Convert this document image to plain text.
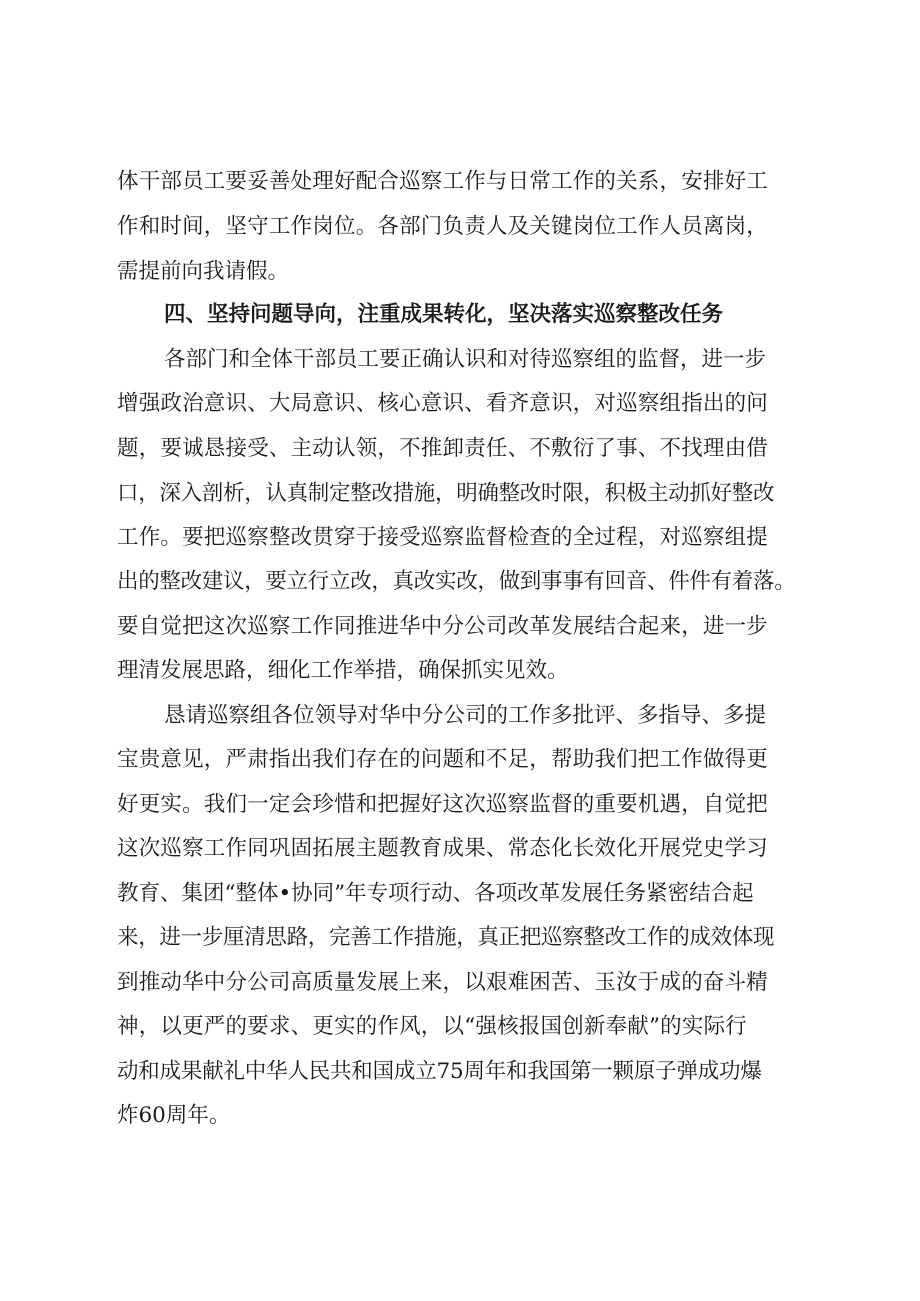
体干部员工要妥善处理好配合巡察工作与日常工作的关系，安排好工
作和时间，坚守工作岗位。各部门负责人及关键岗位工作人员离岗，
需提前向我请假。
四、坚持问题导向，注重成果转化，坚决落实巡察整改任务
各部门和全体干部员工要正确认识和对待巡察组的监督，进一步
增强政治意识、大局意识、核心意识、看齐意识，对巡察组指出的问
题，要诚恳接受、主动认领，不推卸责任、不敷衍了事、不找理由借
口，深入剖析，认真制定整改措施，明确整改时限，积极主动抓好整改
工作。要把巡察整改贯穿于接受巡察监督检查的全过程，对巡察组提
出的整改建议，要立行立改，真改实改，做到事事有回音、件件有着落。
要自觉把这次巡察工作同推进华中分公司改革发展结合起来，进一步
理清发展思路，细化工作举措，确保抓实见效。
恳请巡察组各位领导对华中分公司的工作多批评、多指导、多提
宝贵意见，严肃指出我们存在的问题和不足，帮助我们把工作做得更
好更实。我们一定会珍惜和把握好这次巡察监督的重要机遇，自觉把
这次巡察工作同巩固拓展主题教育成果、常态化长效化开展党史学习
教育、集团“整体•协同”年专项行动、各项改革发展任务紧密结合起
来，进一步厘清思路，完善工作措施，真正把巡察整改工作的成效体现
到推动华中分公司高质量发展上来，以艰难困苦、玉汝于成的奋斗精
神，以更严的要求、更实的作风，以“强核报国创新奉献”的实际行
动和成果献礼中华人民共和国成立75周年和我国第一颗原子弹成功爆
炸60周年。
